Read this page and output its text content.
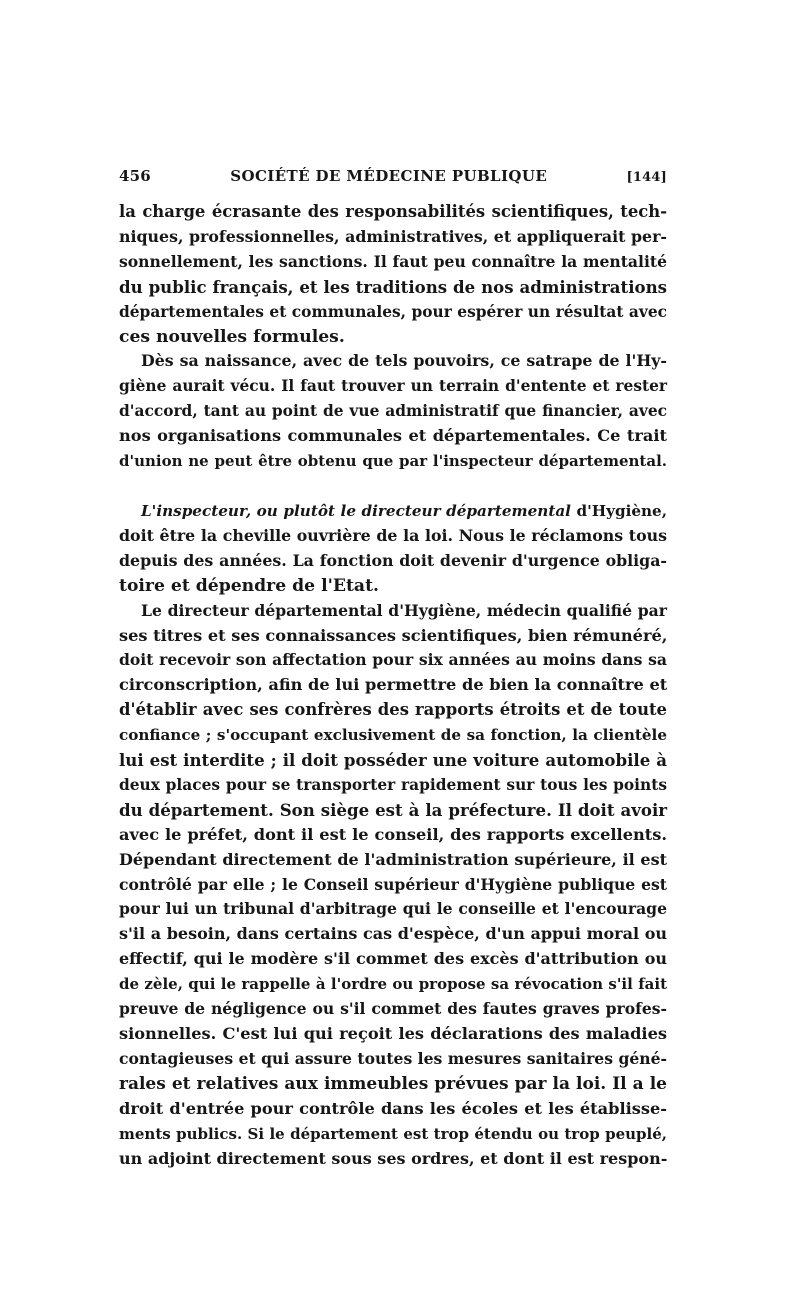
456	SOCIÉTÉ DE MÉDECINE PUBLIQUE	[144]
la charge écrasante des responsabilités scientifiques, tech-
niques, professionnelles, administratives, et appliquerait per-
sonnellement, les sanctions. Il faut peu connaître la mentalité
du public français, et les traditions de nos administrations
départementales et communales, pour espérer un résultat avec
ces nouvelles formules.
Dès sa naissance, avec de tels pouvoirs, ce satrape de l'Hy-
giène aurait vécu. Il faut trouver un terrain d'entente et rester
d'accord, tant au point de vue administratif que financier, avec
nos organisations communales et départementales. Ce trait
d'union ne peut être obtenu que par l'inspecteur départemental.
L'inspecteur, ou plutôt le directeur départemental d'Hygiène,
doit être la cheville ouvrière de la loi. Nous le réclamons tous
depuis des années. La fonction doit devenir d'urgence obliga-
toire et dépendre de l'Etat.
Le directeur départemental d'Hygiène, médecin qualifié par
ses titres et ses connaissances scientifiques, bien rémunéré,
doit recevoir son affectation pour six années au moins dans sa
circonscription, afin de lui permettre de bien la connaître et
d'établir avec ses confrères des rapports étroits et de toute
confiance ; s'occupant exclusivement de sa fonction, la clientèle
lui est interdite ; il doit posséder une voiture automobile à
deux places pour se transporter rapidement sur tous les points
du département. Son siège est à la préfecture. Il doit avoir
avec le préfet, dont il est le conseil, des rapports excellents.
Dépendant directement de l'administration supérieure, il est
contrôlé par elle ; le Conseil supérieur d'Hygiène publique est
pour lui un tribunal d'arbitrage qui le conseille et l'encourage
s'il a besoin, dans certains cas d'espèce, d'un appui moral ou
effectif, qui le modère s'il commet des excès d'attribution ou
de zèle, qui le rappelle à l'ordre ou propose sa révocation s'il fait
preuve de négligence ou s'il commet des fautes graves profes-
sionnelles. C'est lui qui reçoit les déclarations des maladies
contagieuses et qui assure toutes les mesures sanitaires géné-
rales et relatives aux immeubles prévues par la loi. Il a le
droit d'entrée pour contrôle dans les écoles et les établisse-
ments publics. Si le département est trop étendu ou trop peuplé,
un adjoint directement sous ses ordres, et dont il est respon-
